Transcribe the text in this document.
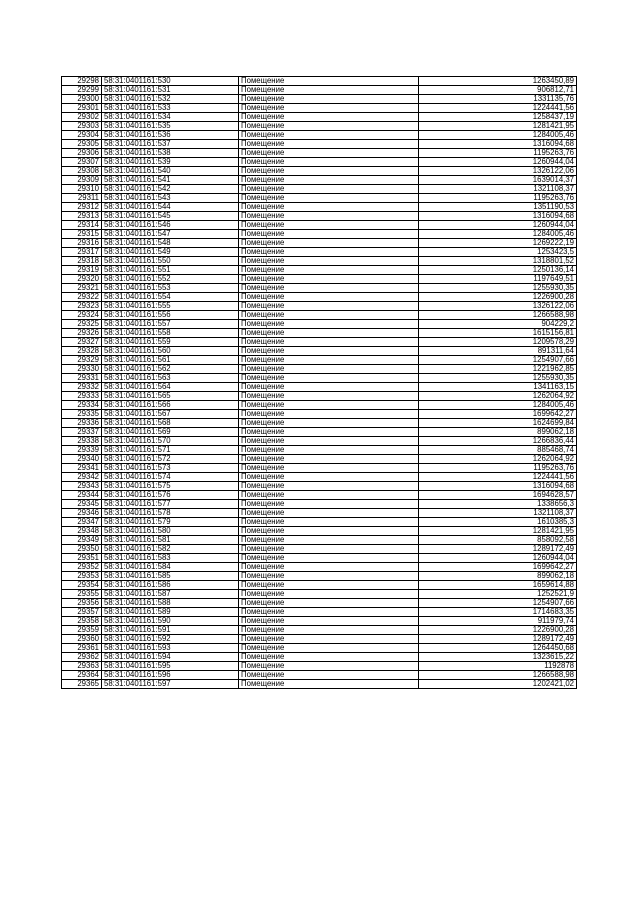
29298	58:31:0401161:530	Помещение	1263450,89
29299	58:31:0401161:531	Помещение	906812,71
29300	58:31:0401161:532	Помещение	1331135,76
29301	58:31:0401161:533	Помещение	1224441,56
29302	58:31:0401161:534	Помещение	1258437,19
29303	58:31:0401161:535	Помещение	1281421,95
29304	58:31:0401161:536	Помещение	1284005,46
29305	58:31:0401161:537	Помещение	1316094,68
29306	58:31:0401161:538	Помещение	1195263,76
29307	58:31:0401161:539	Помещение	1260944,04
29308	58:31:0401161:540	Помещение	1326122,06
29309	58:31:0401161:541	Помещение	1639014,37
29310	58:31:0401161:542	Помещение	1321108,37
29311	58:31:0401161:543	Помещение	1195263,76
29312	58:31:0401161:544	Помещение	1351190,53
29313	58:31:0401161:545	Помещение	1316094,68
29314	58:31:0401161:546	Помещение	1260944,04
29315	58:31:0401161:547	Помещение	1284005,46
29316	58:31:0401161:548	Помещение	1269222,19
29317	58:31:0401161:549	Помещение	1253423,5
29318	58:31:0401161:550	Помещение	1318801,52
29319	58:31:0401161:551	Помещение	1250136,14
29320	58:31:0401161:552	Помещение	1197649,51
29321	58:31:0401161:553	Помещение	1255930,35
29322	58:31:0401161:554	Помещение	1226900,28
29323	58:31:0401161:555	Помещение	1326122,06
29324	58:31:0401161:556	Помещение	1266588,98
29325	58:31:0401161:557	Помещение	904229,2
29326	58:31:0401161:558	Помещение	1615156,81
29327	58:31:0401161:559	Помещение	1209578,29
29328	58:31:0401161:560	Помещение	891311,64
29329	58:31:0401161:561	Помещение	1254907,66
29330	58:31:0401161:562	Помещение	1221962,85
29331	58:31:0401161:563	Помещение	1255930,35
29332	58:31:0401161:564	Помещение	1341163,15
29333	58:31:0401161:565	Помещение	1262064,92
29334	58:31:0401161:566	Помещение	1284005,46
29335	58:31:0401161:567	Помещение	1699642,27
29336	58:31:0401161:568	Помещение	1624699,84
29337	58:31:0401161:569	Помещение	899062,18
29338	58:31:0401161:570	Помещение	1266836,44
29339	58:31:0401161:571	Помещение	885468,74
29340	58:31:0401161:572	Помещение	1262064,92
29341	58:31:0401161:573	Помещение	1195263,76
29342	58:31:0401161:574	Помещение	1224441,56
29343	58:31:0401161:575	Помещение	1316094,68
29344	58:31:0401161:576	Помещение	1694628,57
29345	58:31:0401161:577	Помещение	1338656,3
29346	58:31:0401161:578	Помещение	1321108,37
29347	58:31:0401161:579	Помещение	1610385,3
29348	58:31:0401161:580	Помещение	1281421,95
29349	58:31:0401161:581	Помещение	858092,58
29350	58:31:0401161:582	Помещение	1289172,49
29351	58:31:0401161:583	Помещение	1260944,04
29352	58:31:0401161:584	Помещение	1699642,27
29353	58:31:0401161:585	Помещение	899062,18
29354	58:31:0401161:586	Помещение	1659614,88
29355	58:31:0401161:587	Помещение	1252521,9
29356	58:31:0401161:588	Помещение	1254907,66
29357	58:31:0401161:589	Помещение	1714683,35
29358	58:31:0401161:590	Помещение	911979,74
29359	58:31:0401161:591	Помещение	1226900,28
29360	58:31:0401161:592	Помещение	1289172,49
29361	58:31:0401161:593	Помещение	1264450,68
29362	58:31:0401161:594	Помещение	1323615,22
29363	58:31:0401161:595	Помещение	1192878
29364	58:31:0401161:596	Помещение	1266588,98
29365	58:31:0401161:597	Помещение	1202421,02
